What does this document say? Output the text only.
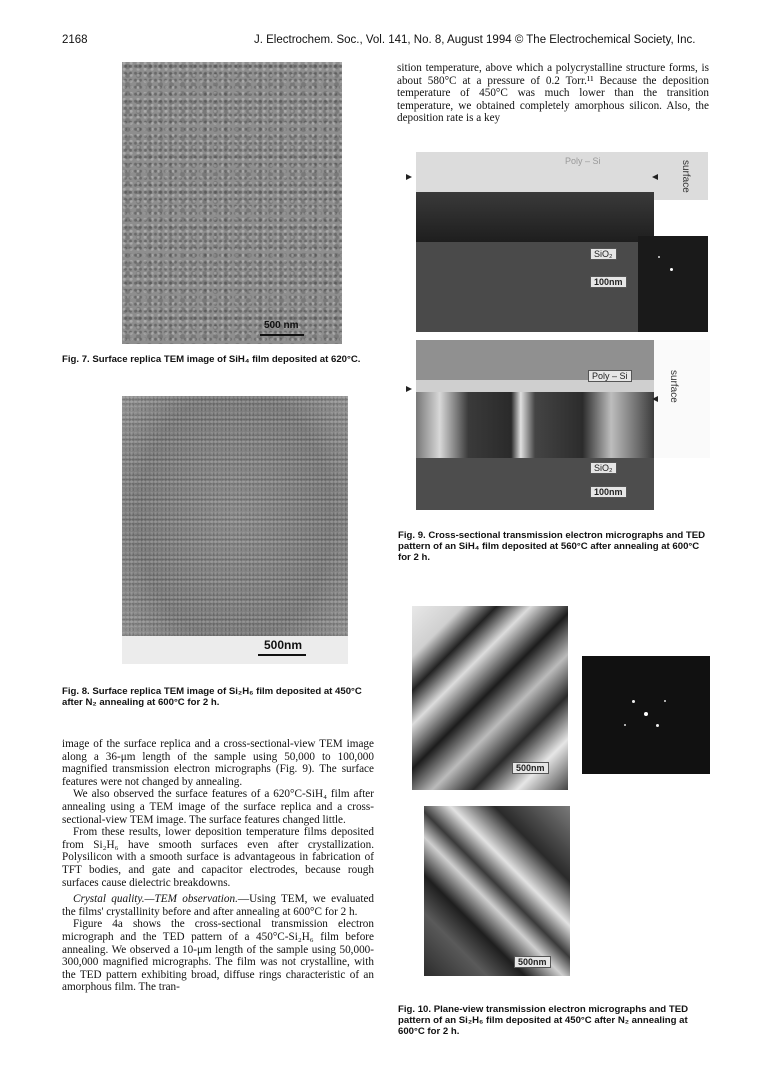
2168	J. Electrochem. Soc., Vol. 141, No. 8, August 1994 © The Electrochemical Society, Inc.
500 nm
Fig. 7. Surface replica TEM image of SiH₄ film deposited at 620°C.
500nm
Fig. 8. Surface replica TEM image of Si₂H₆ film deposited at 450°C after N₂ annealing at 600°C for 2 h.

image of the surface replica and a cross-sectional-view TEM image along a 36-μm length of the sample using 50,000 to 100,000 magnified transmission electron micrographs (Fig. 9). The surface features were not changed by annealing.

We also observed the surface features of a 620°C-SiH₄ film after annealing using a TEM image of the surface replica and a cross-sectional-view TEM image. The surface features changed little.

From these results, lower deposition temperature films deposited from Si₂H₆ have smooth surfaces even after crystallization. Polysilicon with a smooth surface is advantageous in fabrication of TFT bodies, and gate and capacitor electrodes, because rough surfaces cause dielectric breakdowns.

Crystal quality.—TEM observation.—Using TEM, we evaluated the films' crystallinity before and after annealing at 600°C for 2 h.

Figure 4a shows the cross-sectional transmission electron micrograph and the TED pattern of a 450°C-Si₂H₆ film before annealing. We observed a 10-μm length of the sample using 50,000-300,000 magnified micrographs. The film was not crystalline, with the TED pattern exhibiting broad, diffuse rings characteristic of an amorphous film. The tran-

sition temperature, above which a polycrystalline structure forms, is about 580°C at a pressure of 0.2 Torr.¹¹ Because the deposition temperature of 450°C was much lower than the transition temperature, we obtained completely amorphous silicon. Also, the deposition rate is a key

Poly – Si	surface
SiO₂
100nm
Poly – Si	surface
SiO₂
100nm
Fig. 9. Cross-sectional transmission electron micrographs and TED pattern of an SiH₄ film deposited at 560°C after annealing at 600°C for 2 h.
500nm
500nm
Fig. 10. Plane-view transmission electron micrographs and TED pattern of an Si₂H₆ film deposited at 450°C after N₂ annealing at 600°C for 2 h.
